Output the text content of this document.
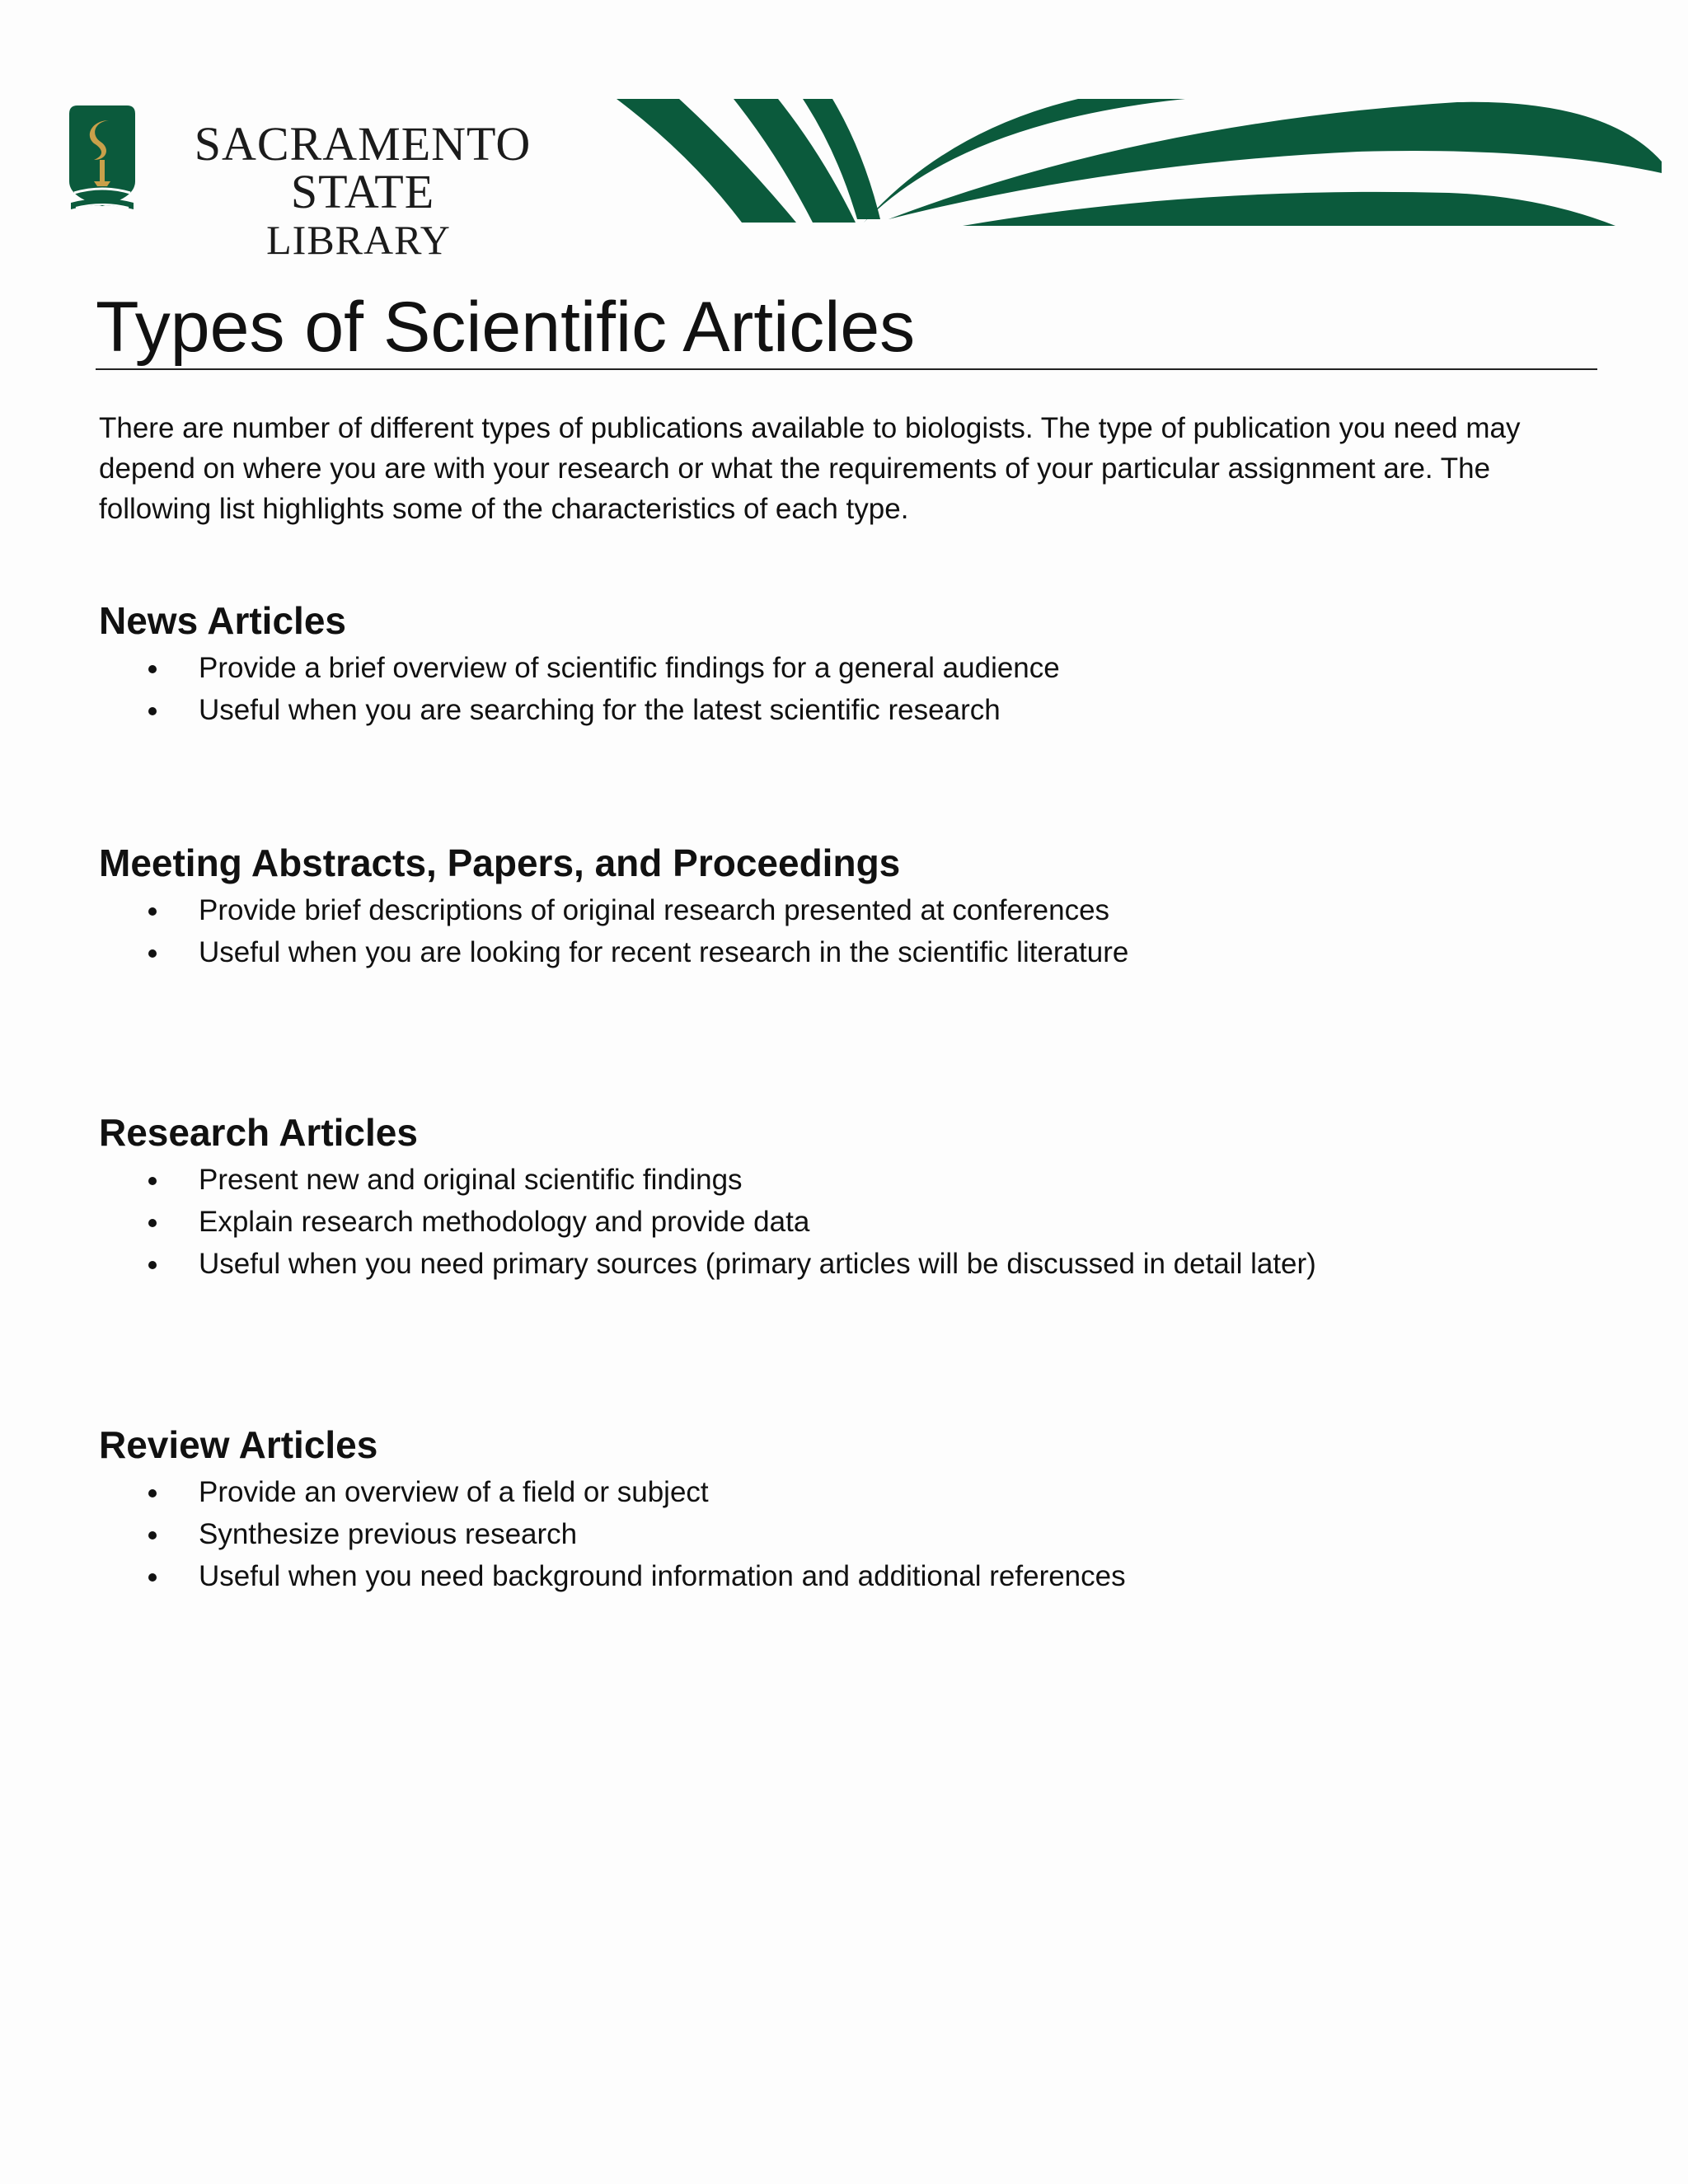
SACRAMENTO STATE
LIBRARY
Types of Scientific Articles

There are number of different types of publications available to biologists. The type of publication you need may depend on where you are with your research or what the requirements of your particular assignment are. The following list highlights some of the characteristics of each type.

News Articles
Provide a brief overview of scientific findings for a general audience
Useful when you are searching for the latest scientific research
Meeting Abstracts, Papers, and Proceedings
Provide brief descriptions of original research presented at conferences
Useful when you are looking for recent research in the scientific literature
Research Articles
Present new and original scientific findings
Explain research methodology and provide data
Useful when you need primary sources (primary articles will be discussed in detail later)
Review Articles
Provide an overview of a field or subject
Synthesize previous research
Useful when you need background information and additional references
